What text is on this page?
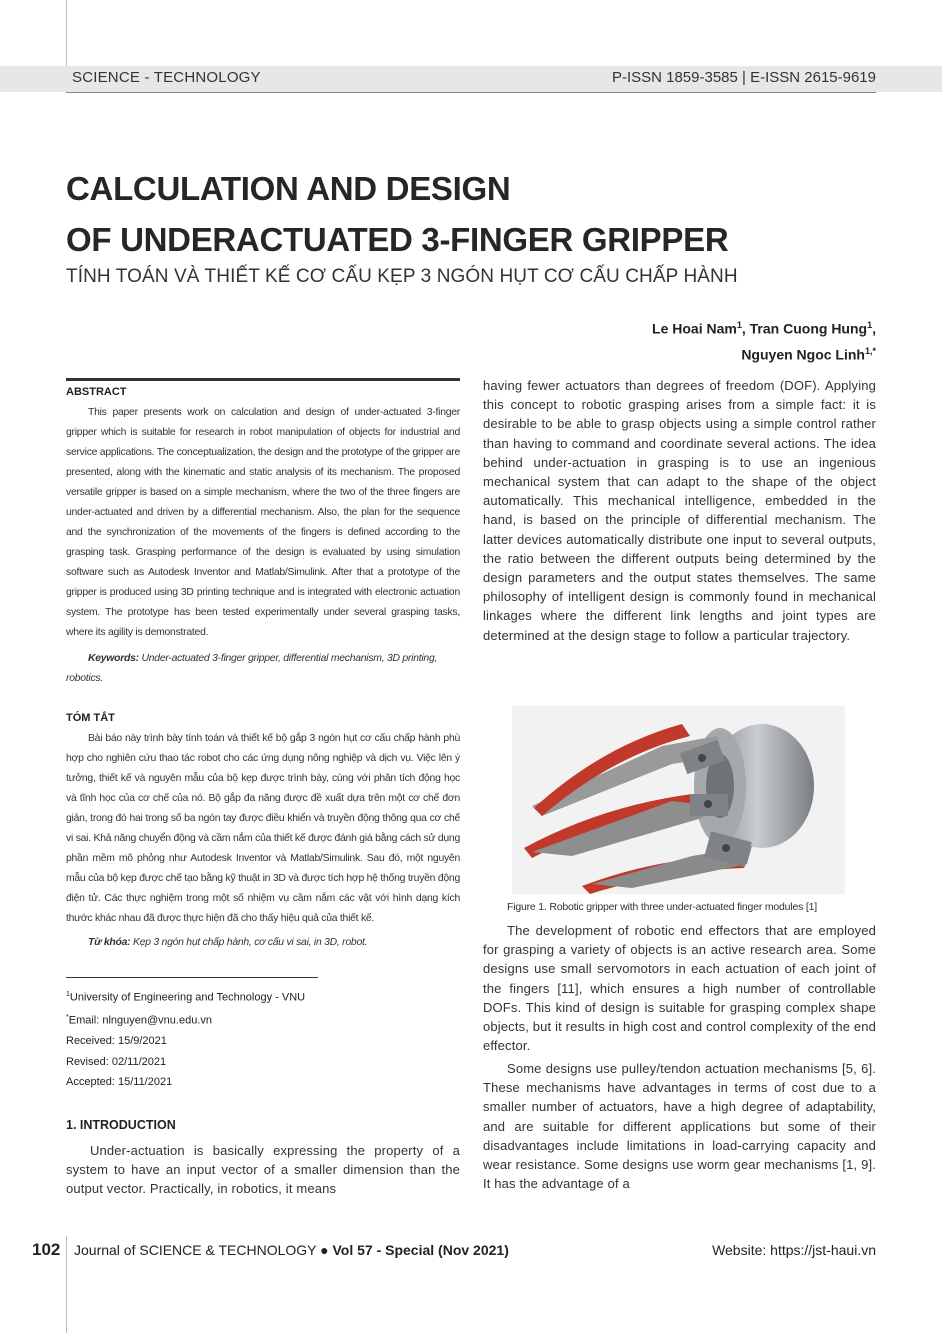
SCIENCE - TECHNOLOGY	P-ISSN 1859-3585 | E-ISSN 2615-9619
CALCULATION AND DESIGN
OF UNDERACTUATED 3-FINGER GRIPPER
TÍNH TOÁN VÀ THIẾT KẾ CƠ CẤU KẸP 3 NGÓN HỤT CƠ CẤU CHẤP HÀNH
Le Hoai Nam$^1$, Tran Cuong Hung$^1$,
Nguyen Ngoc Linh$^{1,*}$
ABSTRACT

This paper presents work on calculation and design of under-actuated 3-finger gripper which is suitable for research in robot manipulation of objects for industrial and service applications. The conceptualization, the design and the prototype of the gripper are presented, along with the kinematic and static analysis of its mechanism. The proposed versatile gripper is based on a simple mechanism, where the two of the three fingers are under-actuated and driven by a differential mechanism. Also, the plan for the sequence and the synchronization of the movements of the fingers is defined according to the grasping task. Grasping performance of the design is evaluated by using simulation software such as Autodesk Inventor and Matlab/Simulink. After that a prototype of the gripper is produced using 3D printing technique and is integrated with electronic actuation system. The prototype has been tested experimentally under several grasping tasks, where its agility is demonstrated.

Keywords: Under-actuated 3-finger gripper, differential mechanism, 3D printing, robotics.

TÓM TẮT

Bài báo này trình bày tính toán và thiết kế bộ gắp 3 ngón hụt cơ cấu chấp hành phù hợp cho nghiên cứu thao tác robot cho các ứng dụng nông nghiệp và dịch vụ. Việc lên ý tưởng, thiết kế và nguyên mẫu của bộ kẹp được trình bày, cùng với phân tích động học và tĩnh học của cơ chế của nó. Bộ gắp đa năng được đề xuất dựa trên một cơ chế đơn giản, trong đó hai trong số ba ngón tay được điều khiển và truyền động thông qua cơ chế vi sai. Khả năng chuyển động và cầm nắm của thiết kế được đánh giá bằng cách sử dụng phần mềm mô phỏng như Autodesk Inventor và Matlab/Simulink. Sau đó, một nguyên mẫu của bộ kẹp được chế tạo bằng kỹ thuật in 3D và được tích hợp hệ thống truyền động điện tử. Các thực nghiệm trong một số nhiệm vụ cầm nắm các vật với hình dạng kích thước khác nhau đã được thực hiện đã cho thấy hiệu quả của thiết kế.

Từ khóa: Kẹp 3 ngón hụt chấp hành, cơ cấu vi sai, in 3D, robot.

$^1$University of Engineering and Technology - VNU
*Email: nlnguyen@vnu.edu.vn
Received: 15/9/2021
Revised: 02/11/2021
Accepted: 15/11/2021
1. INTRODUCTION

Under-actuation is basically expressing the property of a system to have an input vector of a smaller dimension than the output vector. Practically, in robotics, it means

having fewer actuators than degrees of freedom (DOF). Applying this concept to robotic grasping arises from a simple fact: it is desirable to be able to grasp objects using a simple control rather than having to command and coordinate several actions. The idea behind under-actuation in grasping is to use an ingenious mechanical system that can adapt to the shape of the object automatically. This mechanical intelligence, embedded in the hand, is based on the principle of differential mechanism. The latter devices automatically distribute one input to several outputs, the ratio between the different outputs being determined by the design parameters and the output states themselves. The same philosophy of intelligent design is commonly found in mechanical linkages where the different link lengths and joint types are determined at the design stage to follow a particular trajectory.

Figure 1. Robotic gripper with three under-actuated finger modules [1]

The development of robotic end effectors that are employed for grasping a variety of objects is an active research area. Some designs use small servomotors in each actuation of each joint of the fingers [11], which ensures a high number of controllable DOFs. This kind of design is suitable for grasping complex shape objects, but it results in high cost and control complexity of the end effector.

Some designs use pulley/tendon actuation mechanisms [5, 6]. These mechanisms have advantages in terms of cost due to a smaller number of actuators, have a high degree of adaptability, and are suitable for different applications but some of their disadvantages include limitations in load-carrying capacity and wear resistance. Some designs use worm gear mechanisms [1, 9]. It has the advantage of a

102 Journal of SCIENCE & TECHNOLOGY ● Vol 57 - Special (Nov 2021)	Website: https://jst-haui.vn
